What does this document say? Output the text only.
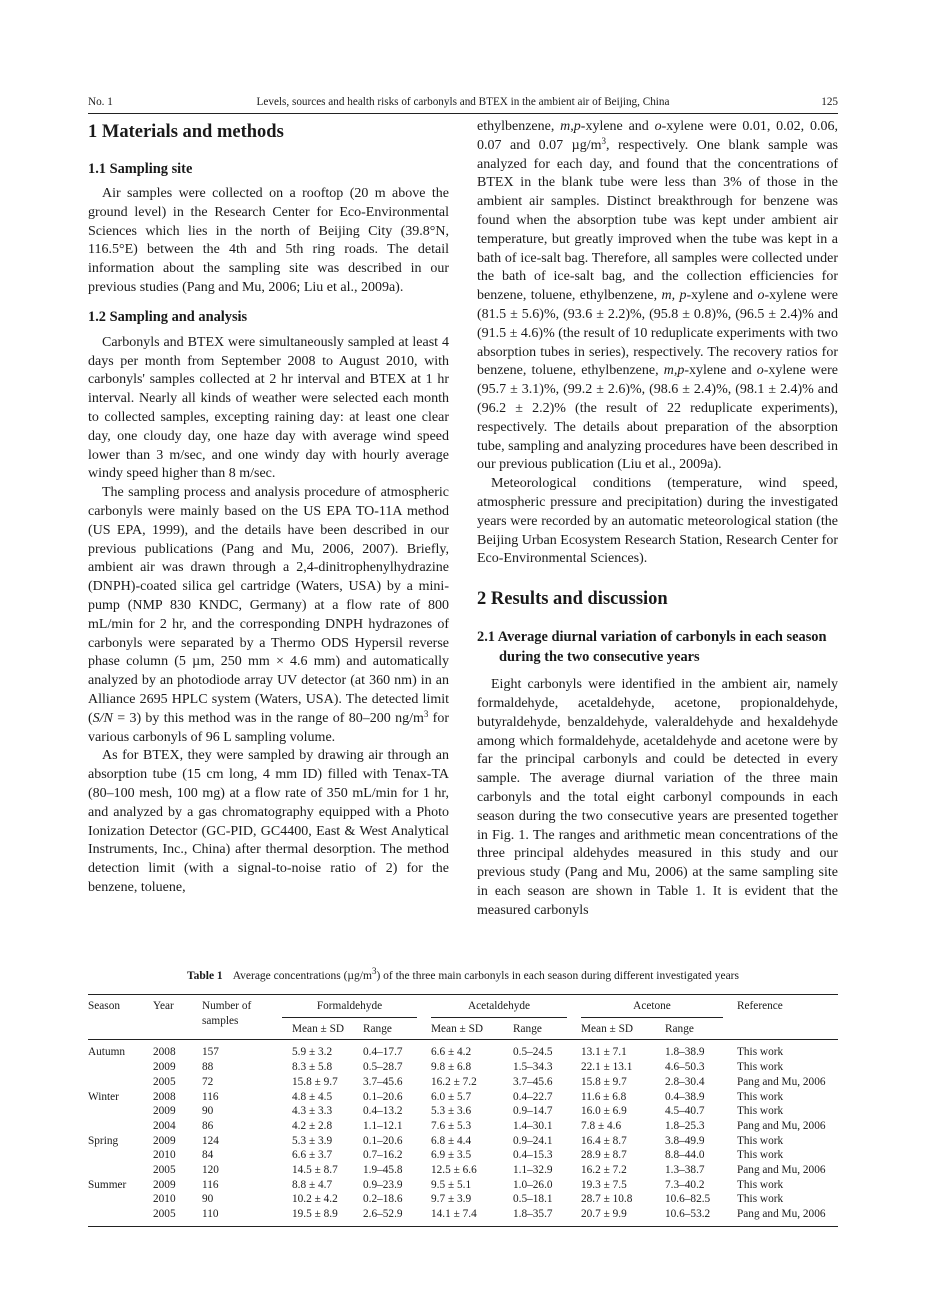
No. 1	Levels, sources and health risks of carbonyls and BTEX in the ambient air of Beijing, China	125
1 Materials and methods
1.1 Sampling site

Air samples were collected on a rooftop (20 m above the ground level) in the Research Center for Eco-Environmental Sciences which lies in the north of Beijing City (39.8°N, 116.5°E) between the 4th and 5th ring roads. The detail information about the sampling site was described in our previous studies (Pang and Mu, 2006; Liu et al., 2009a).

1.2 Sampling and analysis

Carbonyls and BTEX were simultaneously sampled at least 4 days per month from September 2008 to August 2010, with carbonyls' samples collected at 2 hr interval and BTEX at 1 hr interval. Nearly all kinds of weather were selected each month to collected samples, excepting raining day: at least one clear day, one cloudy day, one haze day with average wind speed lower than 3 m/sec, and one windy day with hourly average windy speed higher than 8 m/sec.

The sampling process and analysis procedure of atmospheric carbonyls were mainly based on the US EPA TO-11A method (US EPA, 1999), and the details have been described in our previous publications (Pang and Mu, 2006, 2007). Briefly, ambient air was drawn through a 2,4-dinitrophenylhydrazine (DNPH)-coated silica gel cartridge (Waters, USA) by a mini-pump (NMP 830 KNDC, Germany) at a flow rate of 800 mL/min for 2 hr, and the corresponding DNPH hydrazones of carbonyls were separated by a Thermo ODS Hypersil reverse phase column (5 µm, 250 mm × 4.6 mm) and automatically analyzed by an photodiode array UV detector (at 360 nm) in an Alliance 2695 HPLC system (Waters, USA). The detected limit (S/N = 3) by this method was in the range of 80–200 $ng/m^3$ for various carbonyls of 96 L sampling volume.

As for BTEX, they were sampled by drawing air through an absorption tube (15 cm long, 4 mm ID) filled with Tenax-TA (80–100 mesh, 100 mg) at a flow rate of 350 mL/min for 1 hr, and analyzed by a gas chromatography equipped with a Photo Ionization Detector (GC-PID, GC4400, East & West Analytical Instruments, Inc., China) after thermal desorption. The method detection limit (with a signal-to-noise ratio of 2) for the benzene, toluene,

ethylbenzene, m,p-xylene and o-xylene were 0.01, 0.02, 0.06, 0.07 and 0.07 $\mu g/m^3$, respectively. One blank sample was analyzed for each day, and found that the concentrations of BTEX in the blank tube were less than 3% of those in the ambient air samples. Distinct breakthrough for benzene was found when the absorption tube was kept under ambient air temperature, but greatly improved when the tube was kept in a bath of ice-salt bag. Therefore, all samples were collected under the bath of ice-salt bag, and the collection efficiencies for benzene, toluene, ethylbenzene, m, p-xylene and o-xylene were (81.5 ± 5.6)%, (93.6 ± 2.2)%, (95.8 ± 0.8)%, (96.5 ± 2.4)% and (91.5 ± 4.6)% (the result of 10 reduplicate experiments with two absorption tubes in series), respectively. The recovery ratios for benzene, toluene, ethylbenzene, m,p-xylene and o-xylene were (95.7 ± 3.1)%, (99.2 ± 2.6)%, (98.6 ± 2.4)%, (98.1 ± 2.4)% and (96.2 ± 2.2)% (the result of 22 reduplicate experiments), respectively. The details about preparation of the absorption tube, sampling and analyzing procedures have been described in our previous publication (Liu et al., 2009a).

Meteorological conditions (temperature, wind speed, atmospheric pressure and precipitation) during the investigated years were recorded by an automatic meteorological station (the Beijing Urban Ecosystem Research Station, Research Center for Eco-Environmental Sciences).

2 Results and discussion
2.1 Average diurnal variation of carbonyls in each season during the two consecutive years

Eight carbonyls were identified in the ambient air, namely formaldehyde, acetaldehyde, acetone, propionaldehyde, butyraldehyde, benzaldehyde, valeraldehyde and hexaldehyde among which formaldehyde, acetaldehyde and acetone were by far the principal carbonyls and could be detected in every sample. The average diurnal variation of the three main carbonyls and the total eight carbonyl compounds in each season during the two consecutive years are presented together in Fig. 1. The ranges and arithmetic mean concentrations of the three principal aldehydes measured in this study and our previous study (Pang and Mu, 2006) at the same sampling site in each season are shown in Table 1. It is evident that the measured carbonyls

Table 1 Average concentrations $(\mu g/m^3)$ of the three main carbonyls in each season during different investigated years
Season	Year	Number of samples	Formaldehyde		Acetaldehyde		Acetone		Reference
			Mean ± SD	Range	Mean ± SD	Range	Mean ± SD	Range	
Autumn	2008	157	5.9 ± 3.2	0.4–17.7	6.6 ± 4.2	0.5–24.5	13.1 ± 7.1	1.8–38.9	This work
	2009	88	8.3 ± 5.8	0.5–28.7	9.8 ± 6.8	1.5–34.3	22.1 ± 13.1	4.6–50.3	This work
	2005	72	15.8 ± 9.7	3.7–45.6	16.2 ± 7.2	3.7–45.6	15.8 ± 9.7	2.8–30.4	Pang and Mu, 2006
Winter	2008	116	4.8 ± 4.5	0.1–20.6	6.0 ± 5.7	0.4–22.7	11.6 ± 6.8	0.4–38.9	This work
	2009	90	4.3 ± 3.3	0.4–13.2	5.3 ± 3.6	0.9–14.7	16.0 ± 6.9	4.5–40.7	This work
	2004	86	4.2 ± 2.8	1.1–12.1	7.6 ± 5.3	1.4–30.1	7.8 ± 4.6	1.8–25.3	Pang and Mu, 2006
Spring	2009	124	5.3 ± 3.9	0.1–20.6	6.8 ± 4.4	0.9–24.1	16.4 ± 8.7	3.8–49.9	This work
	2010	84	6.6 ± 3.7	0.7–16.2	6.9 ± 3.5	0.4–15.3	28.9 ± 8.7	8.8–44.0	This work
	2005	120	14.5 ± 8.7	1.9–45.8	12.5 ± 6.6	1.1–32.9	16.2 ± 7.2	1.3–38.7	Pang and Mu, 2006
Summer	2009	116	8.8 ± 4.7	0.9–23.9	9.5 ± 5.1	1.0–26.0	19.3 ± 7.5	7.3–40.2	This work
	2010	90	10.2 ± 4.2	0.2–18.6	9.7 ± 3.9	0.5–18.1	28.7 ± 10.8	10.6–82.5	This work
	2005	110	19.5 ± 8.9	2.6–52.9	14.1 ± 7.4	1.8–35.7	20.7 ± 9.9	10.6–53.2	Pang and Mu, 2006
